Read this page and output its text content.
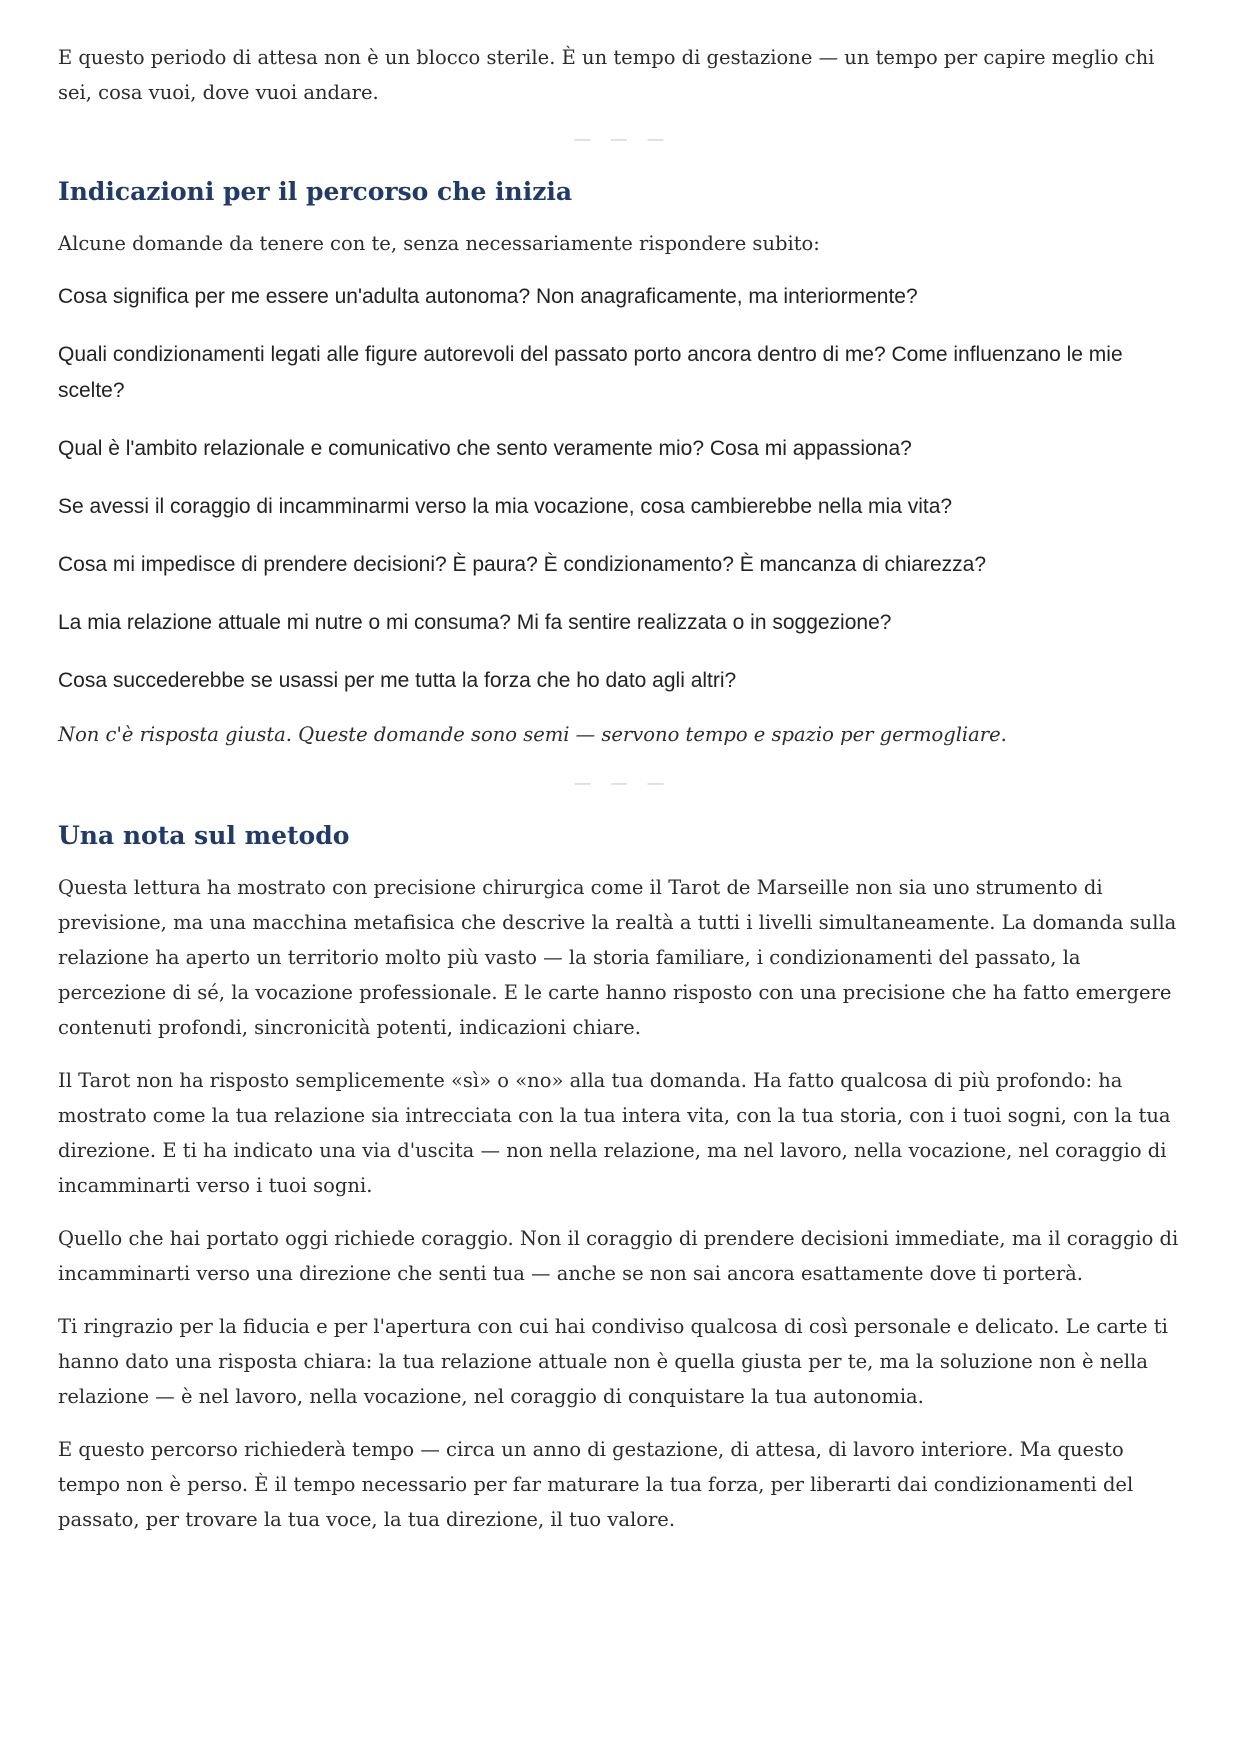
E questo periodo di attesa non è un blocco sterile. È un tempo di gestazione — un tempo per capire meglio chi sei, cosa vuoi, dove vuoi andare.

— — —
Indicazioni per il percorso che inizia

Alcune domande da tenere con te, senza necessariamente rispondere subito:

Cosa significa per me essere un'adulta autonoma? Non anagraficamente, ma interiormente?

Quali condizionamenti legati alle figure autorevoli del passato porto ancora dentro di me? Come influenzano le mie scelte?

Qual è l'ambito relazionale e comunicativo che sento veramente mio? Cosa mi appassiona?

Se avessi il coraggio di incamminarmi verso la mia vocazione, cosa cambierebbe nella mia vita?

Cosa mi impedisce di prendere decisioni? È paura? È condizionamento? È mancanza di chiarezza?

La mia relazione attuale mi nutre o mi consuma? Mi fa sentire realizzata o in soggezione?

Cosa succederebbe se usassi per me tutta la forza che ho dato agli altri?

Non c'è risposta giusta. Queste domande sono semi — servono tempo e spazio per germogliare.

— — —
Una nota sul metodo

Questa lettura ha mostrato con precisione chirurgica come il Tarot de Marseille non sia uno strumento di previsione, ma una macchina metafisica che descrive la realtà a tutti i livelli simultaneamente. La domanda sulla relazione ha aperto un territorio molto più vasto — la storia familiare, i condizionamenti del passato, la percezione di sé, la vocazione professionale. E le carte hanno risposto con una precisione che ha fatto emergere contenuti profondi, sincronicità potenti, indicazioni chiare.

Il Tarot non ha risposto semplicemente «sì» o «no» alla tua domanda. Ha fatto qualcosa di più profondo: ha mostrato come la tua relazione sia intrecciata con la tua intera vita, con la tua storia, con i tuoi sogni, con la tua direzione. E ti ha indicato una via d'uscita — non nella relazione, ma nel lavoro, nella vocazione, nel coraggio di incamminarti verso i tuoi sogni.

Quello che hai portato oggi richiede coraggio. Non il coraggio di prendere decisioni immediate, ma il coraggio di incamminarti verso una direzione che senti tua — anche se non sai ancora esattamente dove ti porterà.

Ti ringrazio per la fiducia e per l'apertura con cui hai condiviso qualcosa di così personale e delicato. Le carte ti hanno dato una risposta chiara: la tua relazione attuale non è quella giusta per te, ma la soluzione non è nella relazione — è nel lavoro, nella vocazione, nel coraggio di conquistare la tua autonomia.

E questo percorso richiederà tempo — circa un anno di gestazione, di attesa, di lavoro interiore. Ma questo tempo non è perso. È il tempo necessario per far maturare la tua forza, per liberarti dai condizionamenti del passato, per trovare la tua voce, la tua direzione, il tuo valore.
